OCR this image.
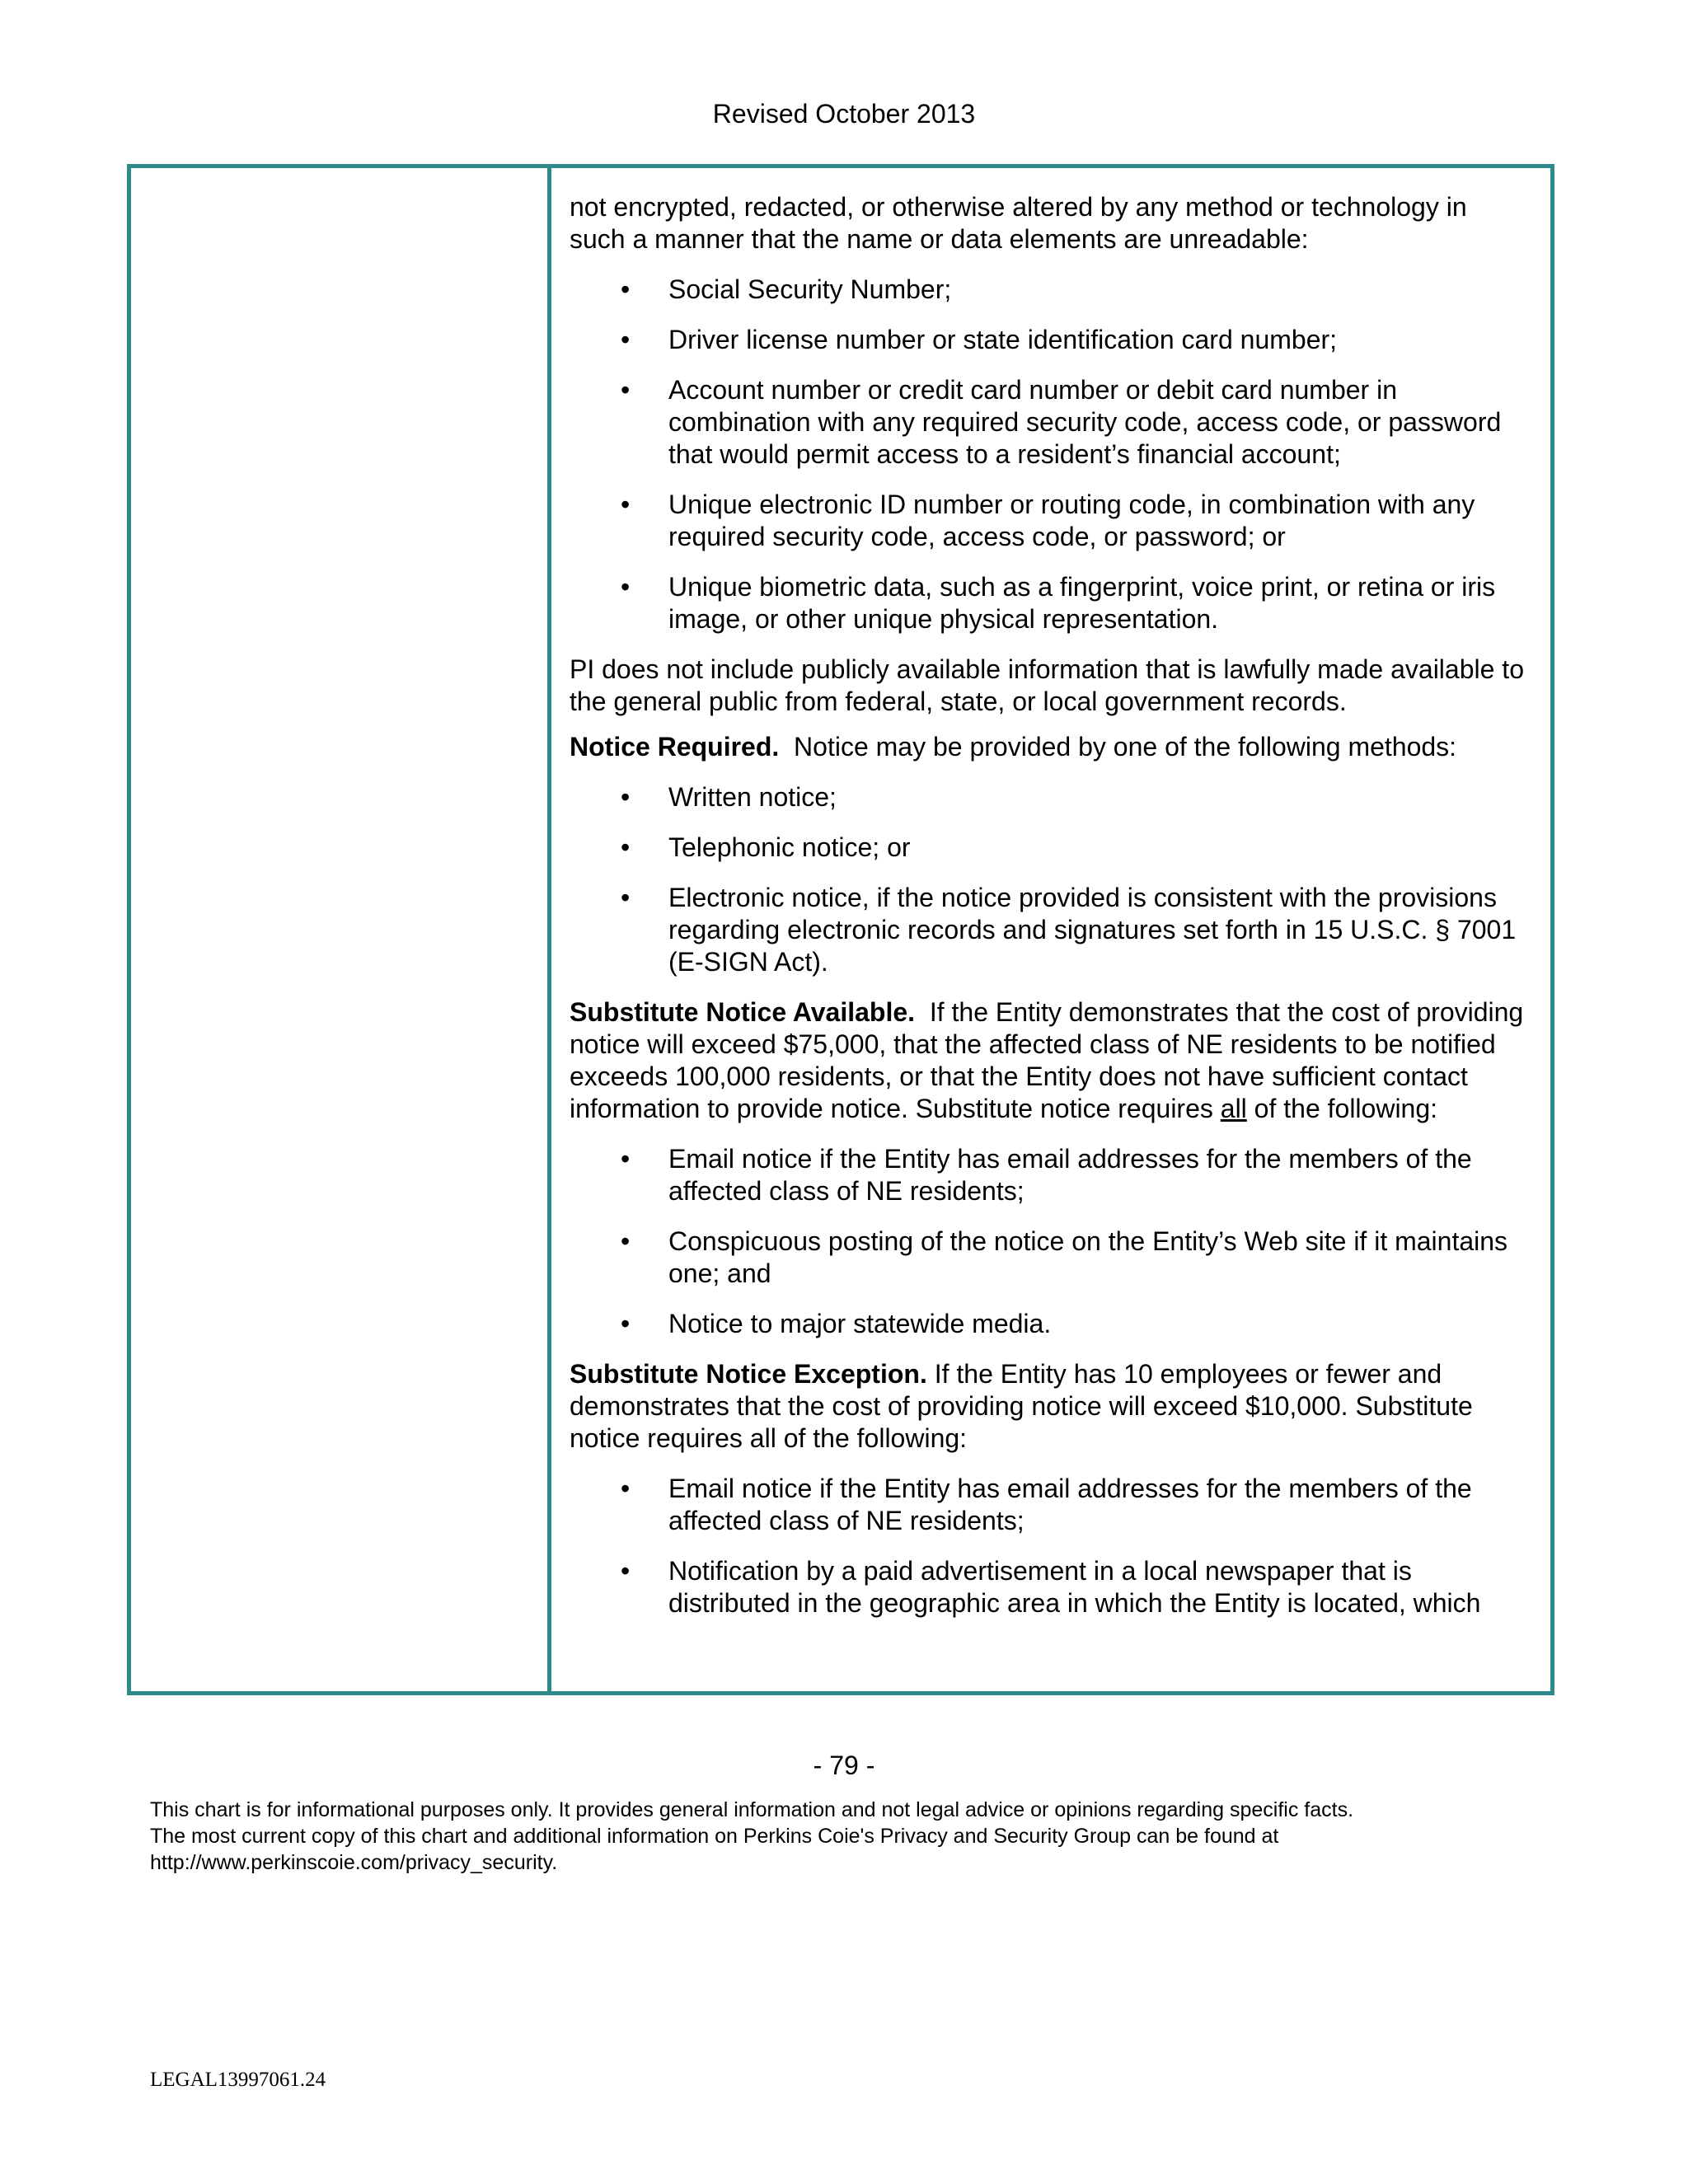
Revised October 2013

not encrypted, redacted, or otherwise altered by any method or technology in such a manner that the name or data elements are unreadable:

• Social Security Number;
• Driver license number or state identification card number;
• Account number or credit card number or debit card number in combination with any required security code, access code, or password that would permit access to a resident’s financial account;
• Unique electronic ID number or routing code, in combination with any required security code, access code, or password; or
• Unique biometric data, such as a fingerprint, voice print, or retina or iris image, or other unique physical representation.

PI does not include publicly available information that is lawfully made available to the general public from federal, state, or local government records.

Notice Required. Notice may be provided by one of the following methods:

• Written notice;
• Telephonic notice; or
• Electronic notice, if the notice provided is consistent with the provisions regarding electronic records and signatures set forth in 15 U.S.C. § 7001 (E-SIGN Act).

Substitute Notice Available. If the Entity demonstrates that the cost of providing notice will exceed $75,000, that the affected class of NE residents to be notified exceeds 100,000 residents, or that the Entity does not have sufficient contact information to provide notice. Substitute notice requires all of the following:

• Email notice if the Entity has email addresses for the members of the affected class of NE residents;
• Conspicuous posting of the notice on the Entity’s Web site if it maintains one; and
• Notice to major statewide media.

Substitute Notice Exception. If the Entity has 10 employees or fewer and demonstrates that the cost of providing notice will exceed $10,000. Substitute notice requires all of the following:

• Email notice if the Entity has email addresses for the members of the affected class of NE residents;
• Notification by a paid advertisement in a local newspaper that is distributed in the geographic area in which the Entity is located, which
- 79 -
This chart is for informational purposes only. It provides general information and not legal advice or opinions regarding specific facts.
The most current copy of this chart and additional information on Perkins Coie's Privacy and Security Group can be found at
http://www.perkinscoie.com/privacy_security.
LEGAL13997061.24
